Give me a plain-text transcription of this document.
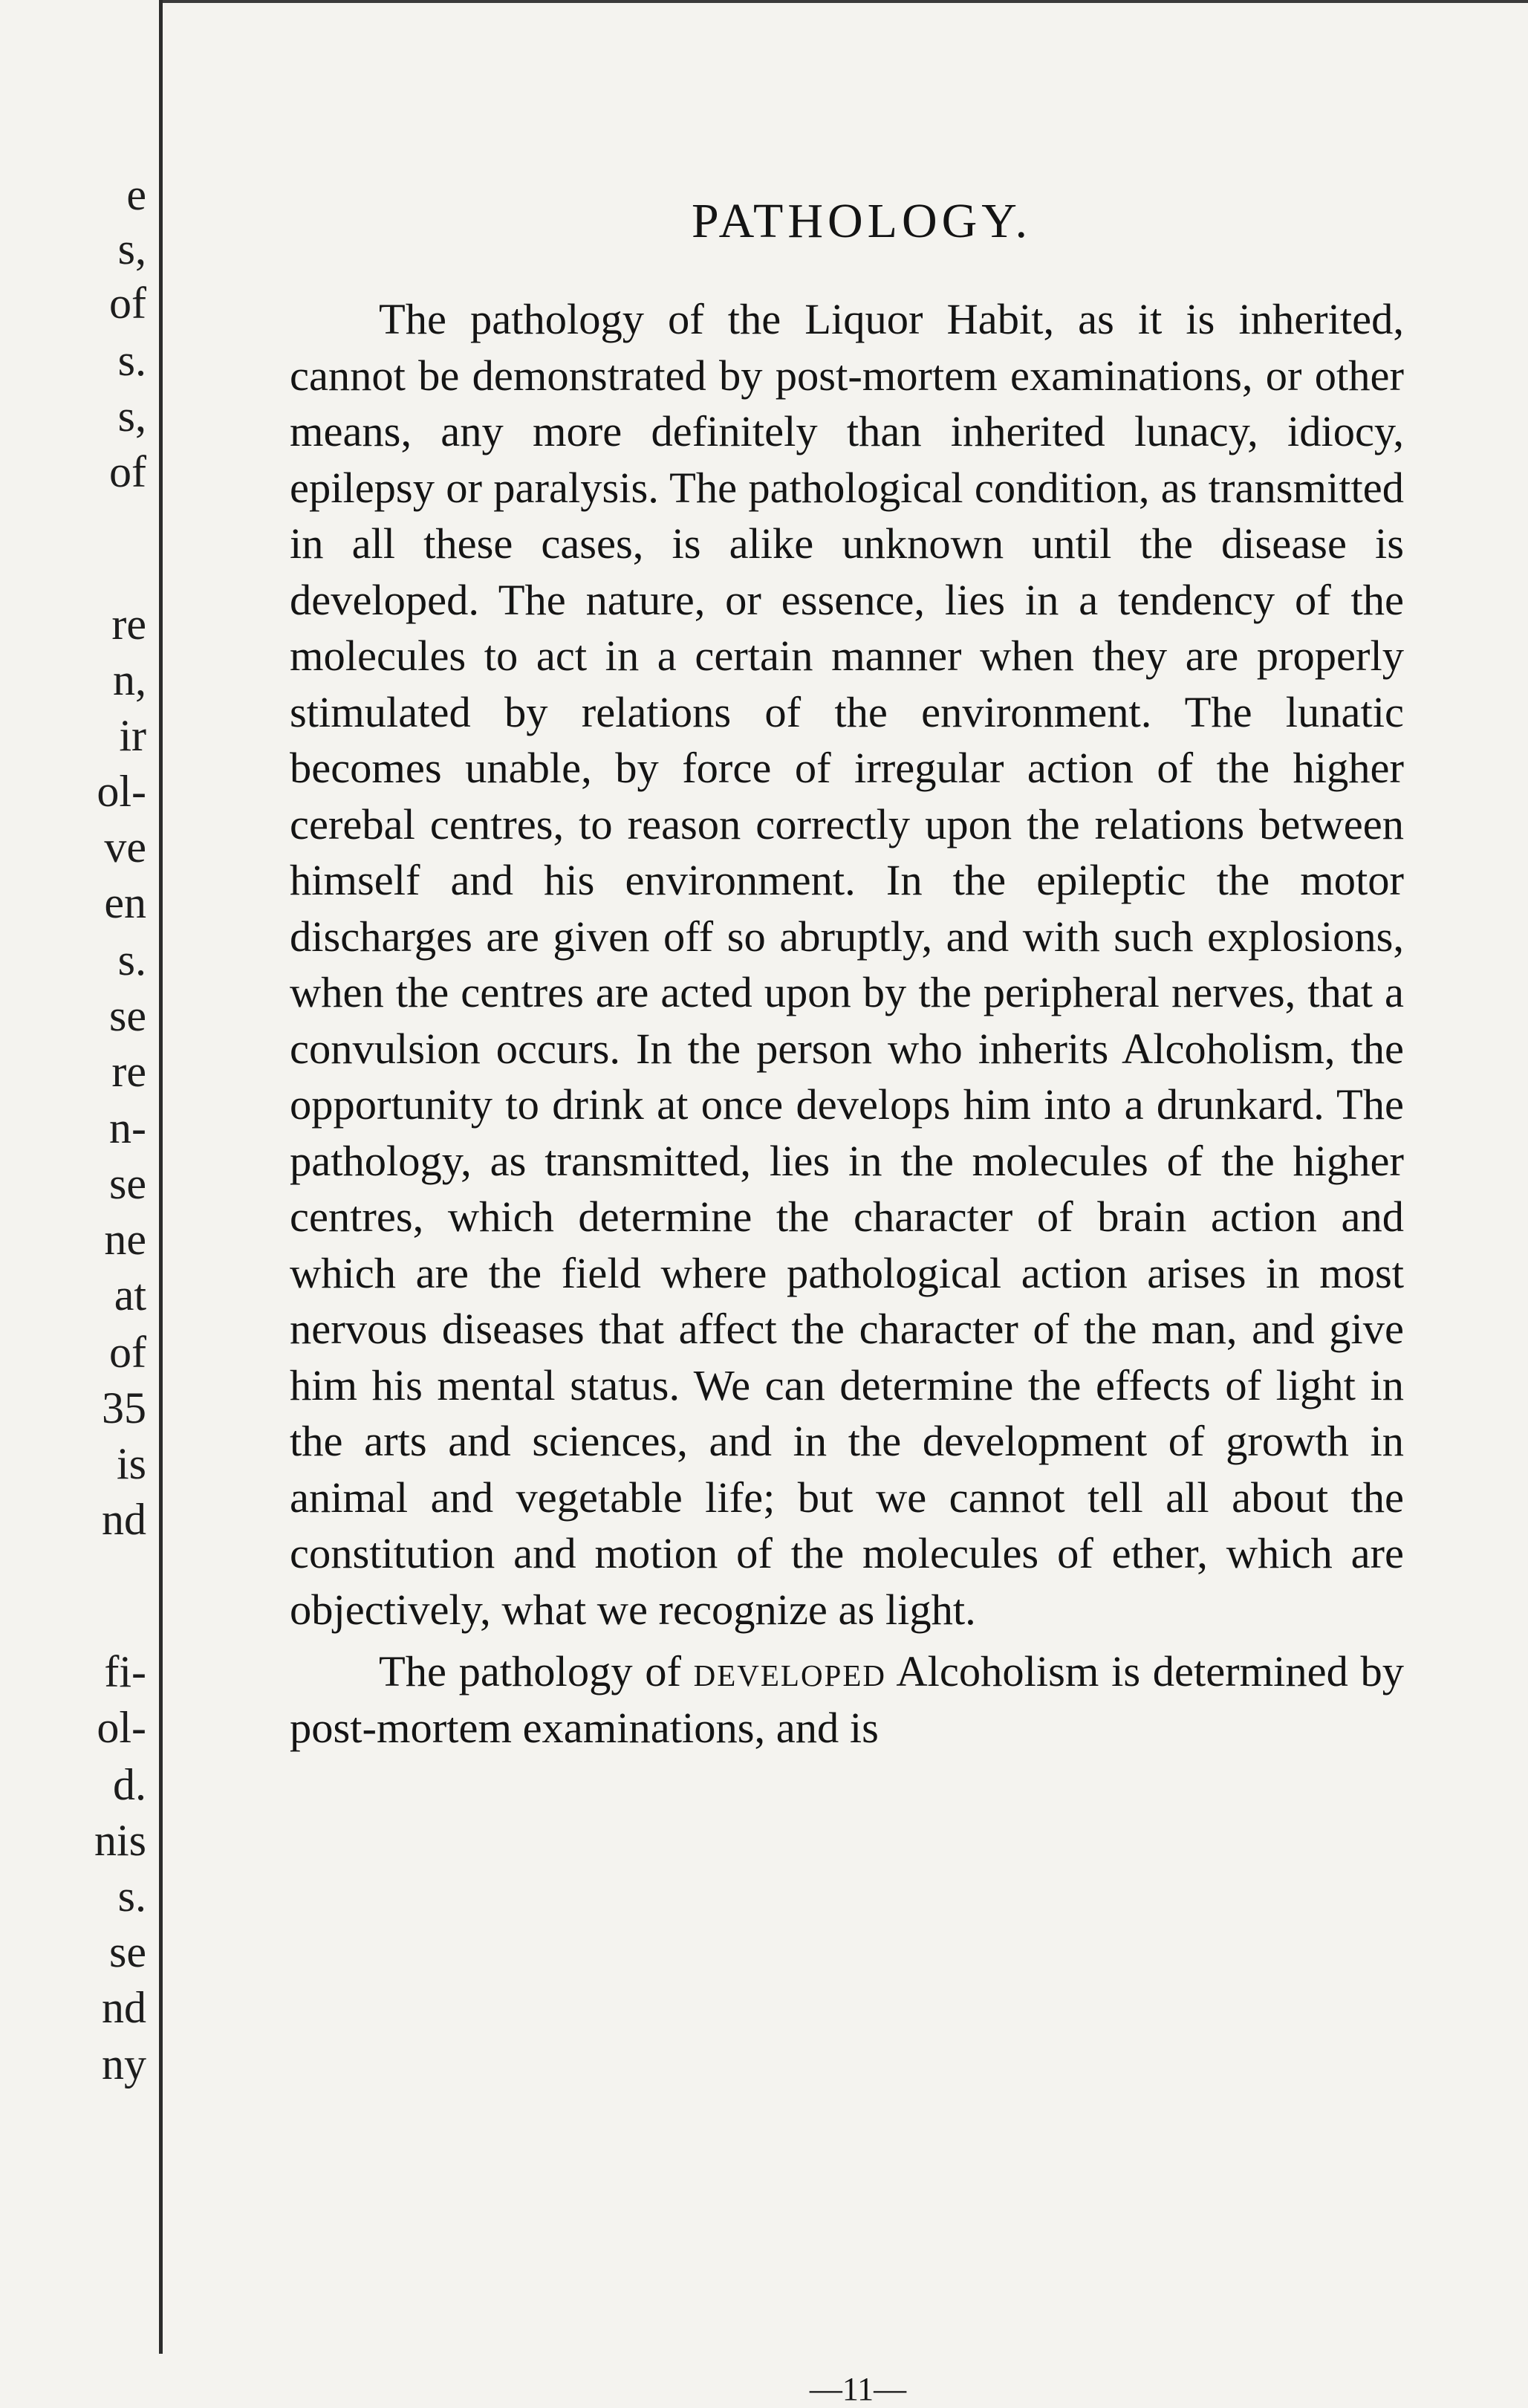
e
s,
of
s.
s,
of
re
n,
ir
ol-
ve
en
s.
se
re
n-
se
ne
at
of
35
is
nd
fi-
ol-
d.
nis
s.
se
nd
ny
PATHOLOGY.

The pathology of the Liquor Habit, as it is inherited, cannot be demonstrated by post-mortem examinations, or other means, any more definitely than inherited lunacy, idiocy, epilepsy or paralysis. The pathological condition, as transmitted in all these cases, is alike unknown until the disease is developed. The nature, or essence, lies in a tendency of the molecules to act in a certain manner when they are properly stimulated by relations of the environment. The lunatic becomes unable, by force of irregular action of the higher cerebal centres, to reason correctly upon the relations between himself and his environment. In the epileptic the motor discharges are given off so abruptly, and with such explosions, when the centres are acted upon by the peripheral nerves, that a convulsion occurs. In the person who inherits Alcoholism, the opportunity to drink at once develops him into a drunkard. The pathology, as transmitted, lies in the molecules of the higher centres, which determine the character of brain action and which are the field where pathological action arises in most nervous diseases that affect the character of the man, and give him his mental status. We can determine the effects of light in the arts and sciences, and in the development of growth in animal and vegetable life; but we cannot tell all about the constitution and motion of the molecules of ether, which are objectively, what we recognize as light.

The pathology of developed Alcoholism is determined by post-mortem examinations, and is

—11—
